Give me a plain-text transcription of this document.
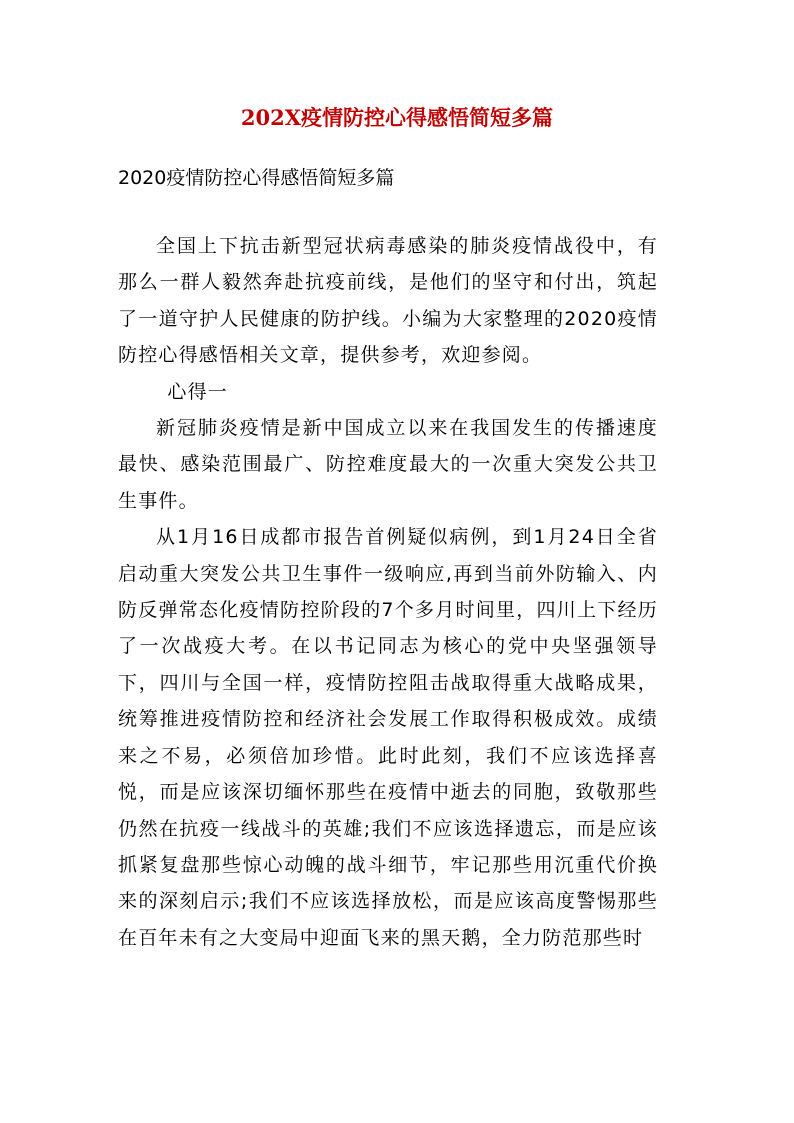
202X疫情防控心得感悟简短多篇

2020疫情防控心得感悟简短多篇

全国上下抗击新型冠状病毒感染的肺炎疫情战役中，有那么一群人毅然奔赴抗疫前线，是他们的坚守和付出，筑起了一道守护人民健康的防护线。小编为大家整理的2020疫情防控心得感悟相关文章，提供参考，欢迎参阅。

心得一

新冠肺炎疫情是新中国成立以来在我国发生的传播速度最快、感染范围最广、防控难度最大的一次重大突发公共卫生事件。

从1月16日成都市报告首例疑似病例，到1月24日全省启动重大突发公共卫生事件一级响应,再到当前外防输入、内防反弹常态化疫情防控阶段的7个多月时间里，四川上下经历了一次战疫大考。在以书记同志为核心的党中央坚强领导下，四川与全国一样，疫情防控阻击战取得重大战略成果，统筹推进疫情防控和经济社会发展工作取得积极成效。成绩来之不易，必须倍加珍惜。此时此刻，我们不应该选择喜悦，而是应该深切缅怀那些在疫情中逝去的同胞，致敬那些仍然在抗疫一线战斗的英雄;我们不应该选择遗忘，而是应该抓紧复盘那些惊心动魄的战斗细节，牢记那些用沉重代价换来的深刻启示;我们不应该选择放松，而是应该高度警惕那些在百年未有之大变局中迎面飞来的黑天鹅，全力防范那些时
